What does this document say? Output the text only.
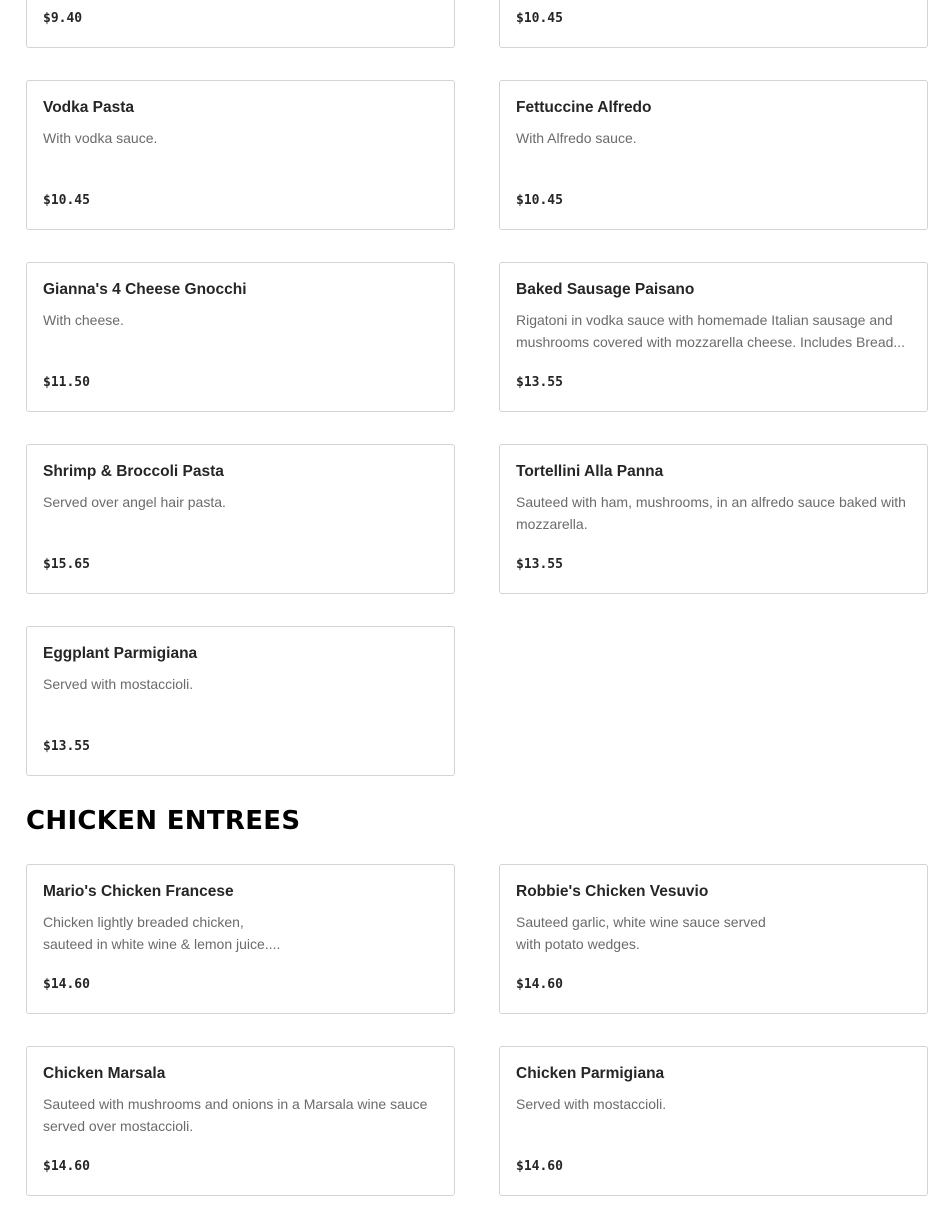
$9.40	$10.45
Vodka Pasta
With vodka sauce.
$10.45
Fettuccine Alfredo
With Alfredo sauce.
$10.45
Gianna's 4 Cheese Gnocchi
With cheese.
$11.50
Baked Sausage Paisano
Rigatoni in vodka sauce with homemade Italian sausage and mushrooms covered with mozzarella cheese. Includes Bread...
$13.55
Shrimp & Broccoli Pasta
Served over angel hair pasta.
$15.65
Tortellini Alla Panna
Sauteed with ham, mushrooms, in an alfredo sauce baked with mozzarella.
$13.55
Eggplant Parmigiana
Served with mostaccioli.
$13.55
CHICKEN ENTREES
Mario's Chicken Francese
Chicken lightly breaded chicken, sauteed in white wine & lemon juice....
$14.60
Robbie's Chicken Vesuvio
Sauteed garlic, white wine sauce served with potato wedges.
$14.60
Chicken Marsala
Sauteed with mushrooms and onions in a Marsala wine sauce served over mostaccioli.
$14.60
Chicken Parmigiana
Served with mostaccioli.
$14.60
